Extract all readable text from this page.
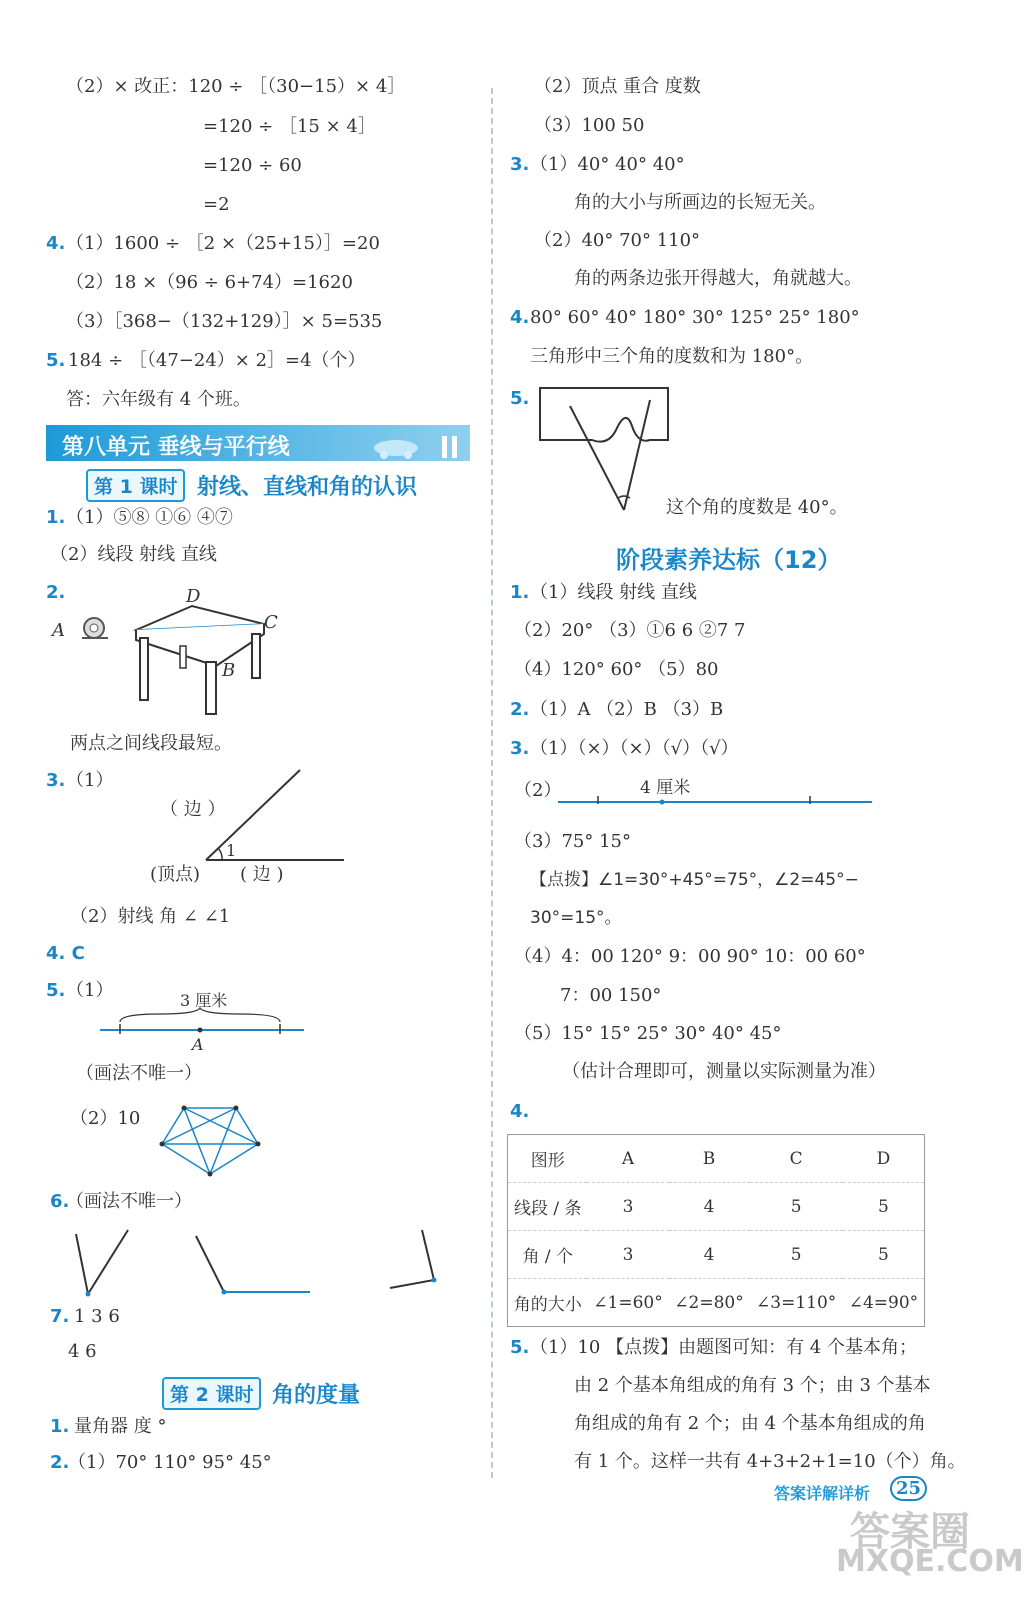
（2）× 改正：120 ÷ ［（30−15）× 4］
=120 ÷ ［15 × 4］
=120 ÷ 60
=2
4. （1）1600 ÷ ［2 ×（25+15）］=20
（2）18 ×（96 ÷ 6+74）=1620
（3）［368−（132+129）］× 5=535
5. 184 ÷ ［（47−24）× 2］=4（个）
答：六年级有 4 个班。
第八单元 垂线与平行线
第 1 课时 射线、直线和角的认识
1. （1）⑤⑧ ①⑥ ④⑦
（2）线段 射线 直线
2.
A
B
C
D
两点之间线段最短。
3. （1）
（ 边 ）
1
(顶点) ( 边 )
（2）射线 角 ∠ ∠1
4. C
5. （1）	3 厘米
A
（画法不唯一）
（2）10
6.
（画法不唯一）
7. 1 3 6
4 6
第 2 课时 角的度量
1. 量角器 度 °
2.
（1）70° 110° 95° 45°
（2）顶点 重合 度数
（3）100 50
3. （1）40° 40° 40°
角的大小与所画边的长短无关。
（2）40° 70° 110°
角的两条边张开得越大，角就越大。
4. 80° 60° 40° 180° 30° 125° 25° 180°
三角形中三个角的度数和为 180°。
5.
这个角的度数是 40°。
阶段素养达标（12）
1. （1）线段 射线 直线
（2）20° （3）①6 6 ②7 7
（4）120° 60° （5）80
2. （1）A （2）B （3）B
3. （1）（×）（×）（√）（√）
（2）	4 厘米
（3）75° 15°
【点拨】∠1=30°+45°=75°，∠2=45°−
30°=15°。
（4）4：00 120° 9：00 90° 10：00 60°
7：00 150°
（5）15° 15° 25° 30° 40° 45°
（估计合理即可，测量以实际测量为准）
4.
图形	A	B	C	D
线段 / 条	3	4	5	5
角 / 个	3	4	5	5
角的大小	∠1=60°	∠2=80°	∠3=110°	∠4=90°
5. （1）10 【点拨】由题图可知：有 4 个基本角；
由 2 个基本角组成的角有 3 个；由 3 个基本
角组成的角有 2 个；由 4 个基本角组成的角
有 1 个。这样一共有 4+3+2+1=10（个）角。
答案详解详析	25
答案圈
MXQE.COM
